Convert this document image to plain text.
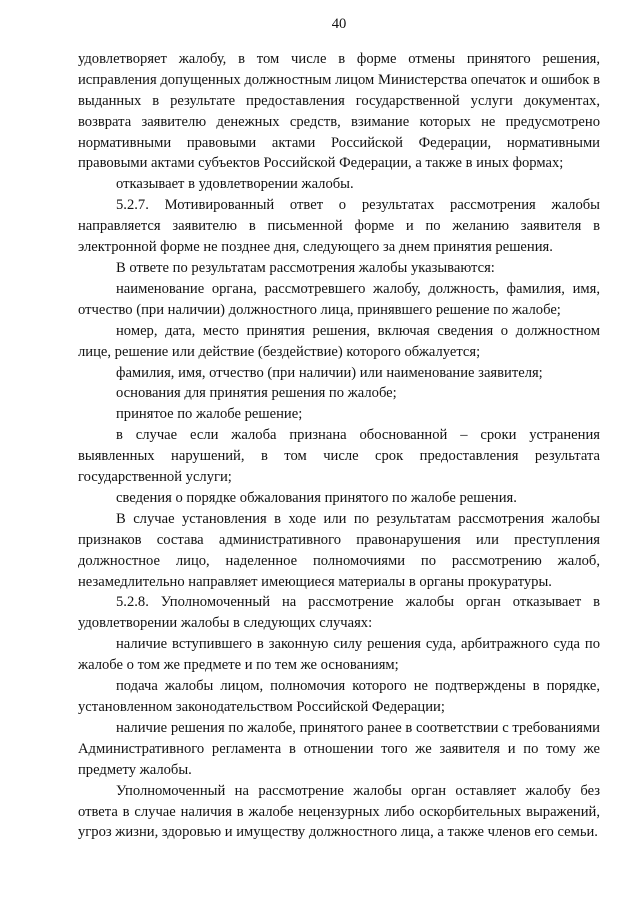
40

удовлетворяет жалобу, в том числе в форме отмены принятого решения, исправления допущенных должностным лицом Министерства опечаток и ошибок в выданных в результате предоставления государственной услуги документах, возврата заявителю денежных средств, взимание которых не предусмотрено нормативными правовыми актами Российской Федерации, нормативными правовыми актами субъектов Российской Федерации, а также в иных формах;

отказывает в удовлетворении жалобы.

5.2.7. Мотивированный ответ о результатах рассмотрения жалобы направляется заявителю в письменной форме и по желанию заявителя в электронной форме не позднее дня, следующего за днем принятия решения.

В ответе по результатам рассмотрения жалобы указываются:

наименование органа, рассмотревшего жалобу, должность, фамилия, имя, отчество (при наличии) должностного лица, принявшего решение по жалобе;

номер, дата, место принятия решения, включая сведения о должностном лице, решение или действие (бездействие) которого обжалуется;

фамилия, имя, отчество (при наличии) или наименование заявителя;

основания для принятия решения по жалобе;

принятое по жалобе решение;

в случае если жалоба признана обоснованной – сроки устранения выявленных нарушений, в том числе срок предоставления результата государственной услуги;

сведения о порядке обжалования принятого по жалобе решения.

В случае установления в ходе или по результатам рассмотрения жалобы признаков состава административного правонарушения или преступления должностное лицо, наделенное полномочиями по рассмотрению жалоб, незамедлительно направляет имеющиеся материалы в органы прокуратуры.

5.2.8. Уполномоченный на рассмотрение жалобы орган отказывает в удовлетворении жалобы в следующих случаях:

наличие вступившего в законную силу решения суда, арбитражного суда по жалобе о том же предмете и по тем же основаниям;

подача жалобы лицом, полномочия которого не подтверждены в порядке, установленном законодательством Российской Федерации;

наличие решения по жалобе, принятого ранее в соответствии с требованиями Административного регламента в отношении того же заявителя и по тому же предмету жалобы.

Уполномоченный на рассмотрение жалобы орган оставляет жалобу без ответа в случае наличия в жалобе нецензурных либо оскорбительных выражений, угроз жизни, здоровью и имуществу должностного лица, а также членов его семьи.
